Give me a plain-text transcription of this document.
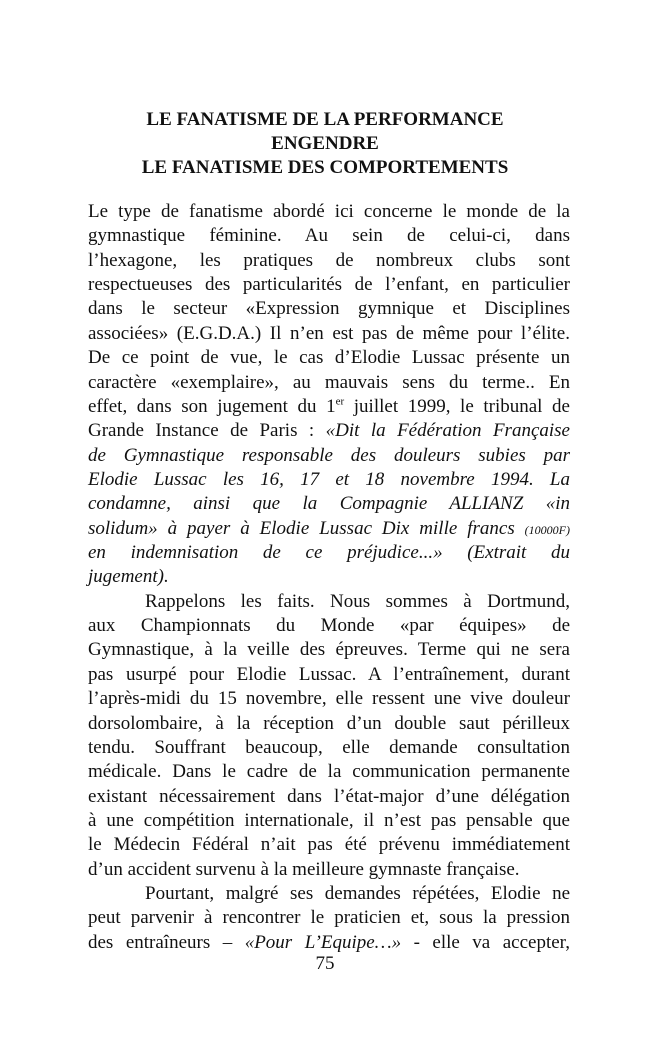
LE FANATISME DE LA PERFORMANCE
ENGENDRE
LE FANATISME DES COMPORTEMENTS
Le type de fanatisme abordé ici concerne le monde de la
gymnastique féminine. Au sein de celui-ci, dans
l’hexagone, les pratiques de nombreux clubs sont
respectueuses des particularités de l’enfant, en particulier
dans le secteur «Expression gymnique et Disciplines
associées» (E.G.D.A.) Il n’en est pas de même pour l’élite.
De ce point de vue, le cas d’Elodie Lussac présente un
caractère «exemplaire», au mauvais sens du terme.. En
effet, dans son jugement du 1er juillet 1999, le tribunal de
Grande Instance de Paris : «Dit la Fédération Française
de Gymnastique responsable des douleurs subies par
Elodie Lussac les 16, 17 et 18 novembre 1994. La
condamne, ainsi que la Compagnie ALLIANZ «in
solidum» à payer à Elodie Lussac Dix mille francs (10000F)
en indemnisation de ce préjudice...» (Extrait du
jugement).
Rappelons les faits. Nous sommes à Dortmund,
aux Championnats du Monde «par équipes» de
Gymnastique, à la veille des épreuves. Terme qui ne sera
pas usurpé pour Elodie Lussac. A l’entraînement, durant
l’après-midi du 15 novembre, elle ressent une vive douleur
dorsolombaire, à la réception d’un double saut périlleux
tendu. Souffrant beaucoup, elle demande consultation
médicale. Dans le cadre de la communication permanente
existant nécessairement dans l’état-major d’une délégation
à une compétition internationale, il n’est pas pensable que
le Médecin Fédéral n’ait pas été prévenu immédiatement
d’un accident survenu à la meilleure gymnaste française.
Pourtant, malgré ses demandes répétées, Elodie ne
peut parvenir à rencontrer le praticien et, sous la pression
des entraîneurs – «Pour L’Equipe…» - elle va accepter,
75
